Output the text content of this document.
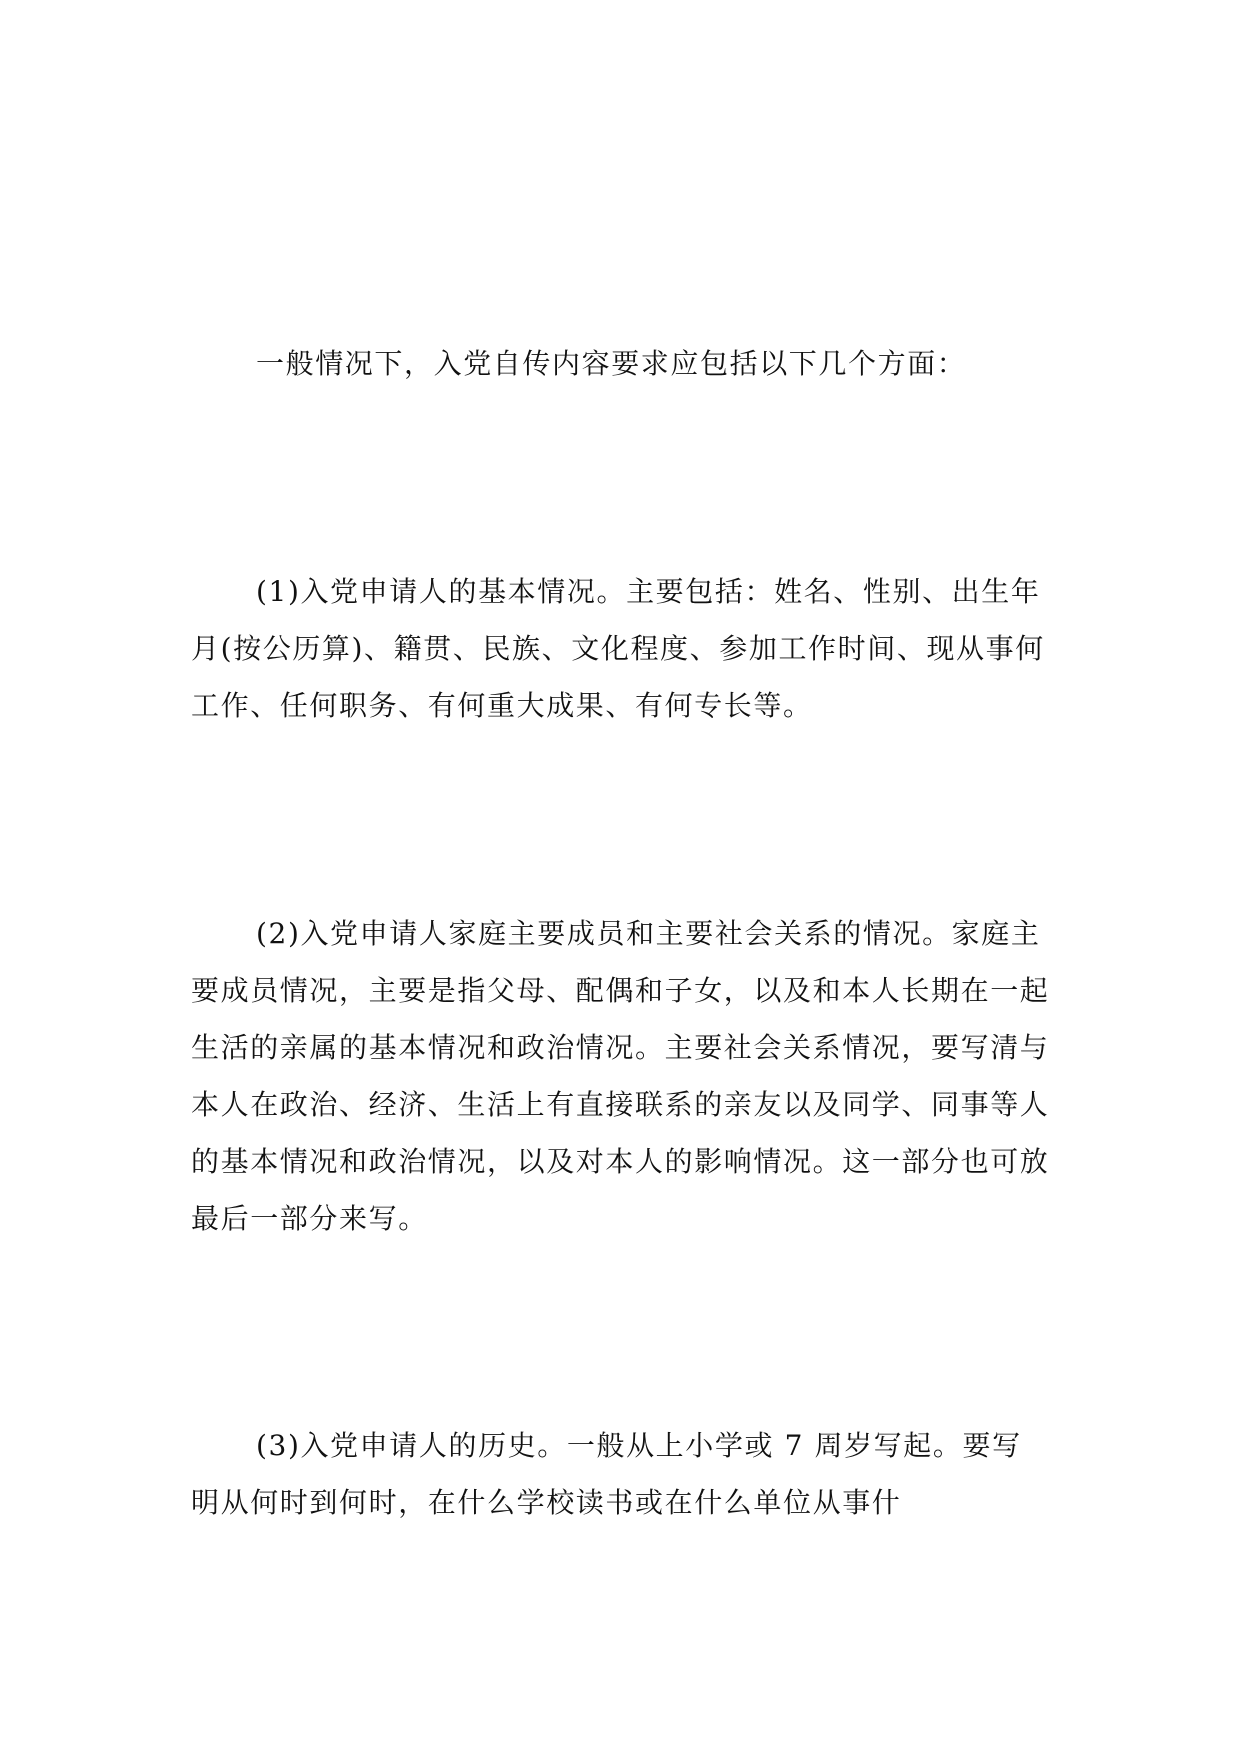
一般情况下，入党自传内容要求应包括以下几个方面：

(1)入党申请人的基本情况。主要包括：姓名、性别、出生年月(按公历算)、籍贯、民族、文化程度、参加工作时间、现从事何工作、任何职务、有何重大成果、有何专长等。

(2)入党申请人家庭主要成员和主要社会关系的情况。家庭主要成员情况，主要是指父母、配偶和子女，以及和本人长期在一起生活的亲属的基本情况和政治情况。主要社会关系情况，要写清与本人在政治、经济、生活上有直接联系的亲友以及同学、同事等人的基本情况和政治情况，以及对本人的影响情况。这一部分也可放最后一部分来写。

(3)入党申请人的历史。一般从上小学或 7 周岁写起。要写明从何时到何时，在什么学校读书或在什么单位从事什
